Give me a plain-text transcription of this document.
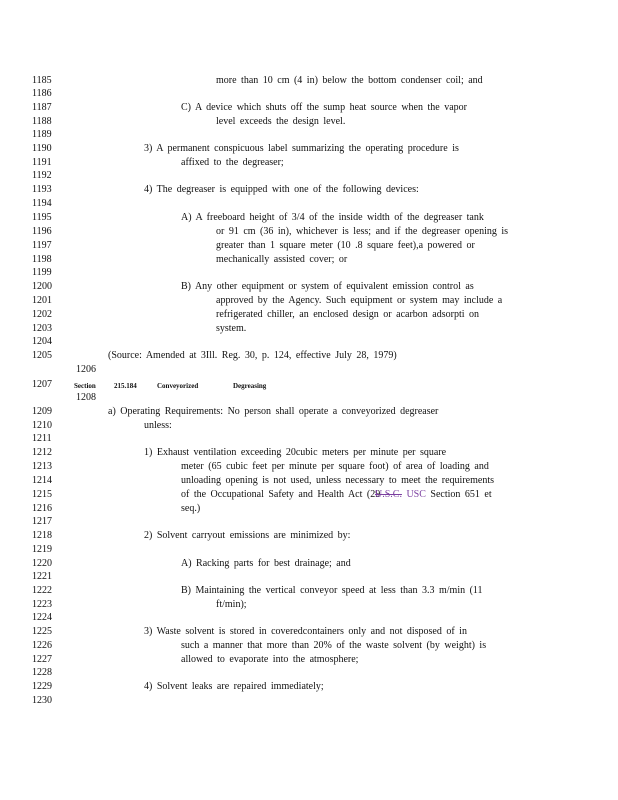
1185	more than 10 cm (4 in) below the bottom condenser coil; and
1186
1187	C) A device which shuts off the sump heat source when the vapor
1188	level exceeds the design level.
1189
1190	3) A permanent conspicuous label summarizing the operating procedure is
1191	affixed to the degreaser;
1192
1193	4) The degreaser is equipped with one of the following devices:
1194
1195	A) A freeboard height of 3/4 of the inside width of the degreaser tank
1196	or 91 cm (36 in), whichever is less; and if the degreaser opening is
1197	greater than 1 square meter (10 .8 square feet),a powered or
1198	mechanically assisted cover; or
1199
1200	B) Any other equipment or system of equivalent emission control as
1201	approved by the Agency. Such equipment or system may include a
1202	refrigerated chiller, an enclosed design or acarbon adsorpti on
1203	system.
1204
1205	(Source: Amended at 3Ill. Reg. 30, p. 124, effective July 28, 1979)
1206
1207
1208
1209	a) Operating Requirements: No person shall operate a conveyorized degreaser
1210	unless:
1211
1212	1) Exhaust ventilation exceeding 20cubic meters per minute per square
1213	meter (65 cubic feet per minute per square foot) of area of loading and
1214	unloading opening is not used, unless necessary to meet the requirements
1215	of the Occupational Safety and Health Act (29
1216	seq.)
1217
1218	2) Solvent carryout emissions are minimized by:
1219
1220	A) Racking parts for best drainage; and
1221
1222	B) Maintaining the vertical conveyor speed at less than 3.3 m/min (11
1223	ft/min);
1224
1225	3) Waste solvent is stored in coveredcontainers only and not disposed of in
1226	such a manner that more than 20% of the waste solvent (by weight) is
1227	allowed to evaporate into the atmosphere;
1228
1229	4) Solvent leaks are repaired immediately;
1230
Section	215.184	Conveyorized	Degreasing
U.S.C. USC Section 651 et
